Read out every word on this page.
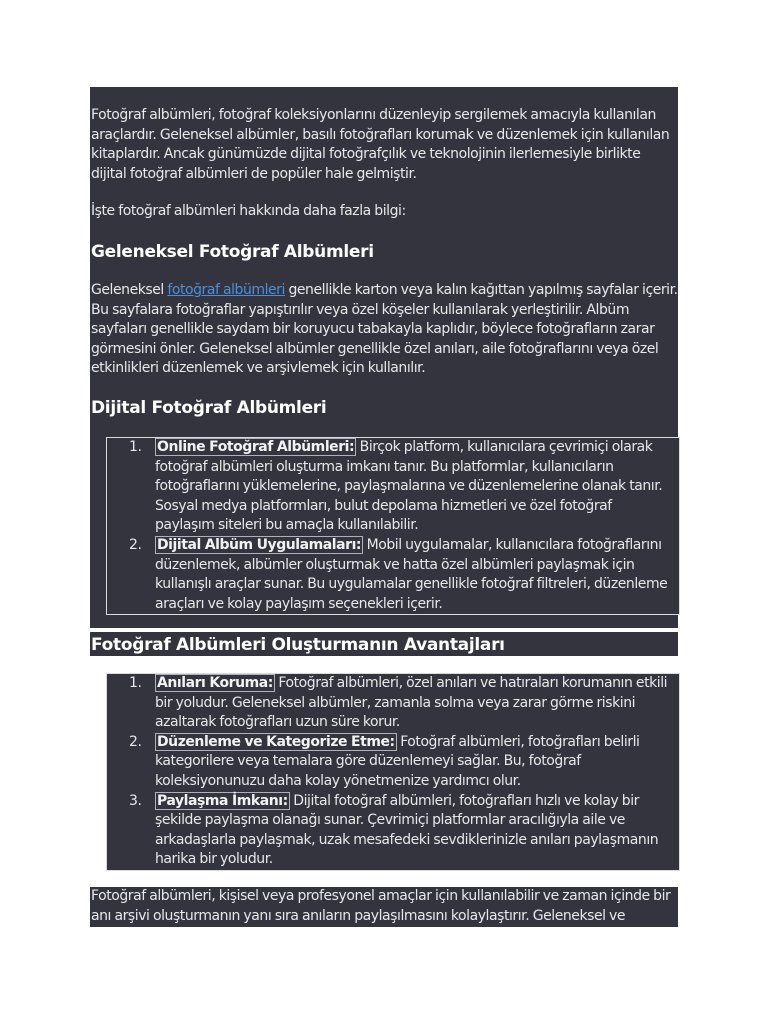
Fotoğraf albümleri, fotoğraf koleksiyonlarını düzenleyip sergilemek amacıyla kullanılan araçlardır. Geleneksel albümler, basılı fotoğrafları korumak ve düzenlemek için kullanılan kitaplardır. Ancak günümüzde dijital fotoğrafçılık ve teknolojinin ilerlemesiyle birlikte dijital fotoğraf albümleri de popüler hale gelmiştir.

İşte fotoğraf albümleri hakkında daha fazla bilgi:

Geleneksel Fotoğraf Albümleri

Geleneksel fotoğraf albümleri genellikle karton veya kalın kağıttan yapılmış sayfalar içerir. Bu sayfalara fotoğraflar yapıştırılır veya özel köşeler kullanılarak yerleştirilir. Albüm sayfaları genellikle saydam bir koruyucu tabakayla kaplıdır, böylece fotoğrafların zarar görmesini önler. Geleneksel albümler genellikle özel anıları, aile fotoğraflarını veya özel etkinlikleri düzenlemek ve arşivlemek için kullanılır.

Dijital Fotoğraf Albümleri
1. Online Fotoğraf Albümleri: Birçok platform, kullanıcılara çevrimiçi olarak fotoğraf albümleri oluşturma imkanı tanır. Bu platformlar, kullanıcıların fotoğraflarını yüklemelerine, paylaşmalarına ve düzenlemelerine olanak tanır. Sosyal medya platformları, bulut depolama hizmetleri ve özel fotoğraf paylaşım siteleri bu amaçla kullanılabilir.
2. Dijital Albüm Uygulamaları: Mobil uygulamalar, kullanıcılara fotoğraflarını düzenlemek, albümler oluşturmak ve hatta özel albümleri paylaşmak için kullanışlı araçlar sunar. Bu uygulamalar genellikle fotoğraf filtreleri, düzenleme araçları ve kolay paylaşım seçenekleri içerir.
Fotoğraf Albümleri Oluşturmanın Avantajları
1. Anıları Koruma: Fotoğraf albümleri, özel anıları ve hatıraları korumanın etkili bir yoludur. Geleneksel albümler, zamanla solma veya zarar görme riskini azaltarak fotoğrafları uzun süre korur.
2. Düzenleme ve Kategorize Etme: Fotoğraf albümleri, fotoğrafları belirli kategorilere veya temalara göre düzenlemeyi sağlar. Bu, fotoğraf koleksiyonunuzu daha kolay yönetmenize yardımcı olur.
3. Paylaşma İmkanı: Dijital fotoğraf albümleri, fotoğrafları hızlı ve kolay bir şekilde paylaşma olanağı sunar. Çevrimiçi platformlar aracılığıyla aile ve arkadaşlarla paylaşmak, uzak mesafedeki sevdiklerinizle anıları paylaşmanın harika bir yoludur.

Fotoğraf albümleri, kişisel veya profesyonel amaçlar için kullanılabilir ve zaman içinde bir anı arşivi oluşturmanın yanı sıra anıların paylaşılmasını kolaylaştırır. Geleneksel ve
